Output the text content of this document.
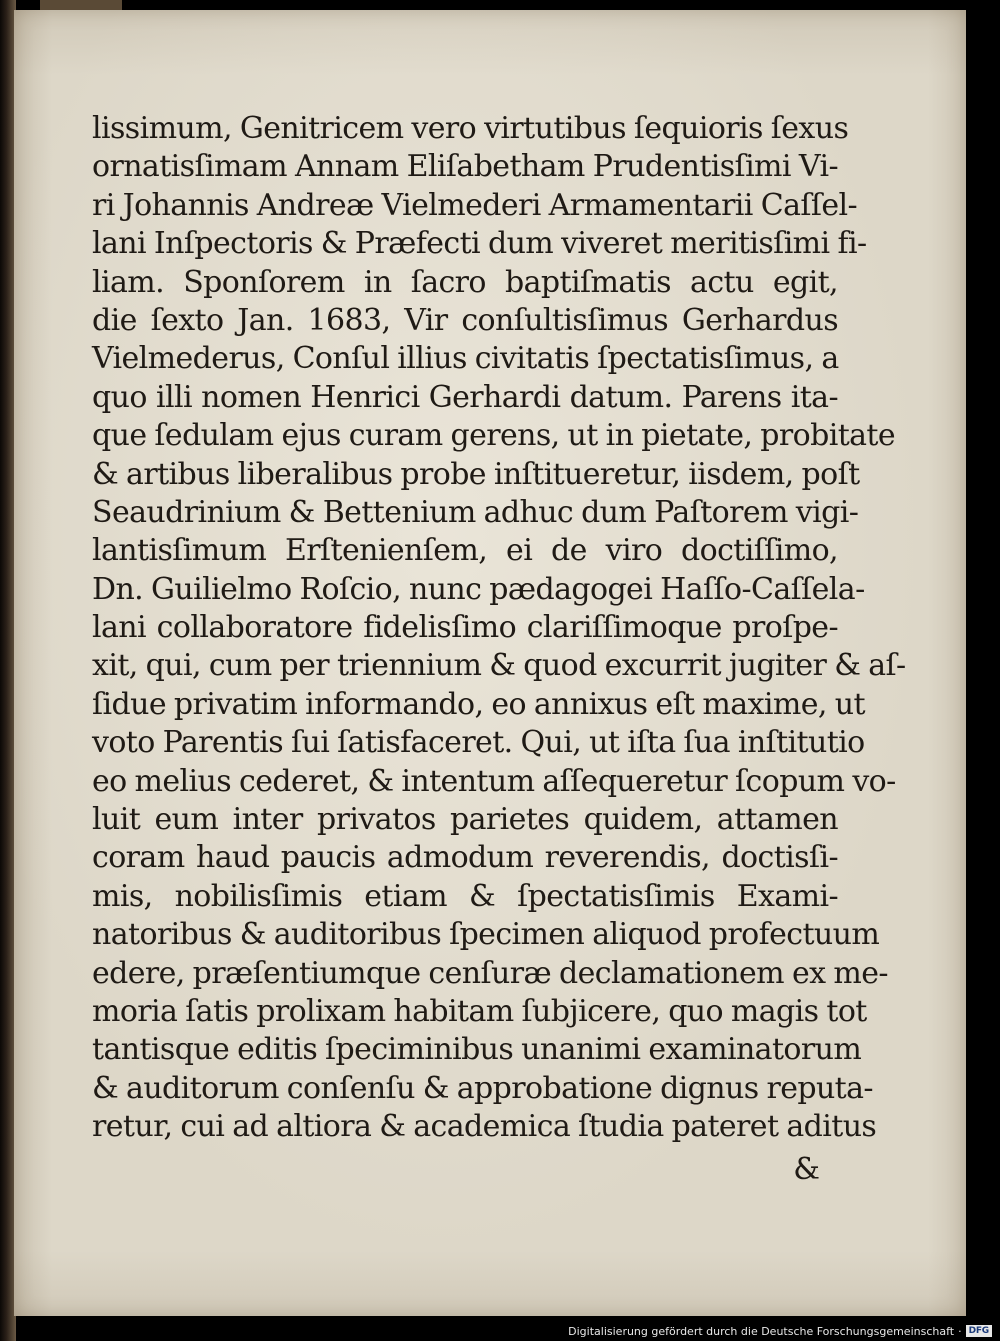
lissimum, Genitricem vero virtutibus ſequioris ſexus
ornatisſimam Annam Eliſabetham Prudentisſimi Vi-
ri Johannis Andreæ Vielmederi Armamentarii Caſſel-
lani Inſpectoris & Præfecti dum viveret meritisſimi fi-
liam. Sponſorem in ſacro baptiſmatis actu egit,
die ſexto Jan. 1683, Vir conſultisſimus Gerhardus
Vielmederus, Conſul illius civitatis ſpectatisſimus, a
quo illi nomen Henrici Gerhardi datum. Parens ita-
que ſedulam ejus curam gerens, ut in pietate, probitate
& artibus liberalibus probe inſtitueretur, iisdem, poſt
Seaudrinium & Bettenium adhuc dum Paſtorem vigi-
lantisſimum Erſtenienſem, ei de viro doctiſſimo,
Dn. Guilielmo Roſcio, nunc pædagogei Haſſo-Caſſela-
lani collaboratore fidelisſimo clariſſimoque proſpe-
xit, qui, cum per triennium & quod excurrit jugiter & aſ-
ſidue privatim informando, eo annixus eſt maxime, ut
voto Parentis ſui ſatisfaceret. Qui, ut iſta ſua inſtitutio
eo melius cederet, & intentum aſſequeretur ſcopum vo-
luit eum inter privatos parietes quidem, attamen
coram haud paucis admodum reverendis, doctisſi-
mis, nobilisſimis etiam & ſpectatisſimis Exami-
natoribus & auditoribus ſpecimen aliquod profectuum
edere, præſentiumque cenſuræ declamationem ex me-
moria ſatis prolixam habitam ſubjicere, quo magis tot
tantisque editis ſpeciminibus unanimi examinatorum
& auditorum conſenſu & approbatione dignus reputa-
retur, cui ad altiora & academica ſtudia pateret aditus
&
Digitalisierung gefördert durch die Deutsche Forschungsgemeinschaft · DFG
